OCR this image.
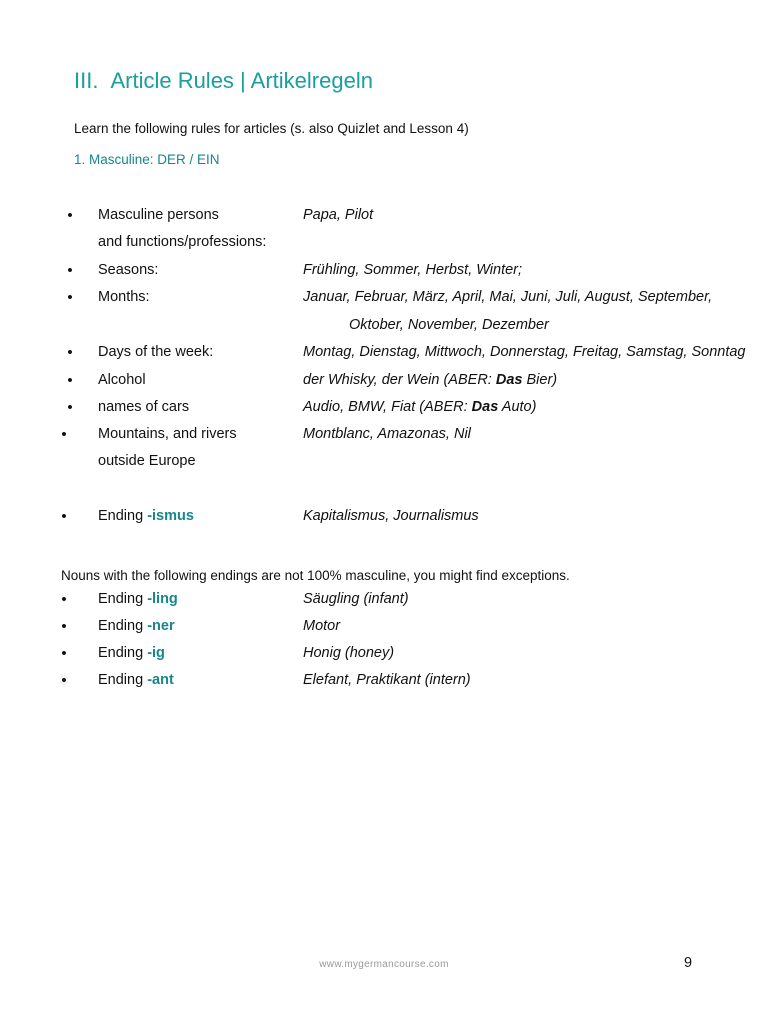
III. Article Rules | Artikelregeln
Learn the following rules for articles (s. also Quizlet and Lesson 4)
1. Masculine: DER / EIN
• Masculine persons	Papa, Pilot
and functions/professions:
• Seasons:	Frühling, Sommer, Herbst, Winter;
• Months:	Januar, Februar, März, April, Mai, Juni, Juli, August, September,
Oktober, November, Dezember
• Days of the week:	Montag, Dienstag, Mittwoch, Donnerstag, Freitag, Samstag, Sonntag
• Alcohol	der Whisky, der Wein (ABER: Das Bier)
• names of cars	Audio, BMW, Fiat (ABER: Das Auto)
• Mountains, and rivers	Montblanc, Amazonas, Nil
outside Europe
• Ending -ismus	Kapitalismus, Journalismus
Nouns with the following endings are not 100% masculine, you might find exceptions.
• Ending -ling	Säugling (infant)
• Ending -ner	Motor
• Ending -ig	Honig (honey)
• Ending -ant	Elefant, Praktikant (intern)
www.mygermancourse.com	9
